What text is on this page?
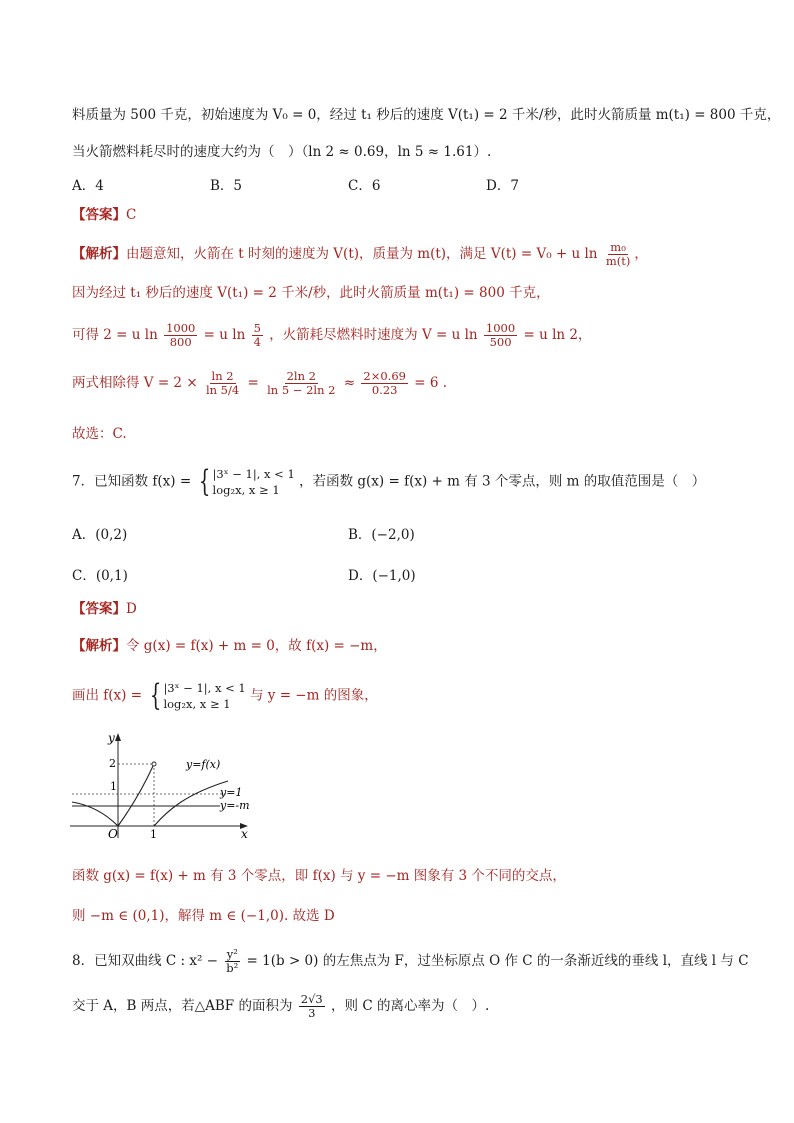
料质量为 500 千克，初始速度为 V₀ = 0，经过 t₁ 秒后的速度 V(t₁) = 2 千米/秒，此时火箭质量 m(t₁) = 800 千克，
当火箭燃料耗尽时的速度大约为（　）（ln 2 ≈ 0.69，ln 5 ≈ 1.61）.
A．4	B．5	C．6	D．7
【答案】C
【解析】由题意知，火箭在 t 时刻的速度为 V(t)，质量为 m(t)，满足 V(t) = V₀ + u $\ln \frac{\text{m₀}}{m(t)}$ ，
因为经过 t₁ 秒后的速度 V(t₁) = 2 千米/秒，此时火箭质量 m(t₁) = 800 千克，
可得 2 = u $\ln \frac{1000}{800} = u$ $\ln \frac{5}{4}$ ，火箭耗尽燃料时速度为 V = u $\ln \frac{1000}{500} = u$ ln 2，
两式相除得 $V = 2 \times \frac{\ln 2}{\ln 5/4} = \frac{2\ln 2}{\ln 5 - 2\ln 2} \approx \frac{2\times 0.69}{0.23} = 6$ .
故选：C.
7．已知函数 f(x) = { |3ˣ − 1|, x < 1
log₂x, x ≥ 1
，若函数 g(x) = f(x) + m 有 3 个零点，则 m 的取值范围是（　）
A．(0,2)	B．(−2,0)
C．(0,1)	D．(−1,0)
【答案】D
【解析】令 g(x) = f(x) + m = 0，故 f(x) = −m，
画出 f(x) = { |3ˣ − 1|, x < 1
log₂x, x ≥ 1
与 y = −m 的图象，
y
x
O	1
1
2	y=f(x)
y=1
y=-m
函数 g(x) = f(x) + m 有 3 个零点，即 f(x) 与 y = −m 图象有 3 个不同的交点，
则 −m ∈ (0,1)，解得 m ∈ (−1,0). 故选 D
8．已知双曲线 C : $x^2 - \frac{\text{y²}}{\text{b²}} = 1(b > 0)$ 的左焦点为 F，过坐标原点 O 作 C 的一条渐近线的垂线 l，直线 l 与 C
交于 A，B 两点，若△ABF 的面积为 $\frac{2√3}{3}$ ，则 C 的离心率为（　）.
